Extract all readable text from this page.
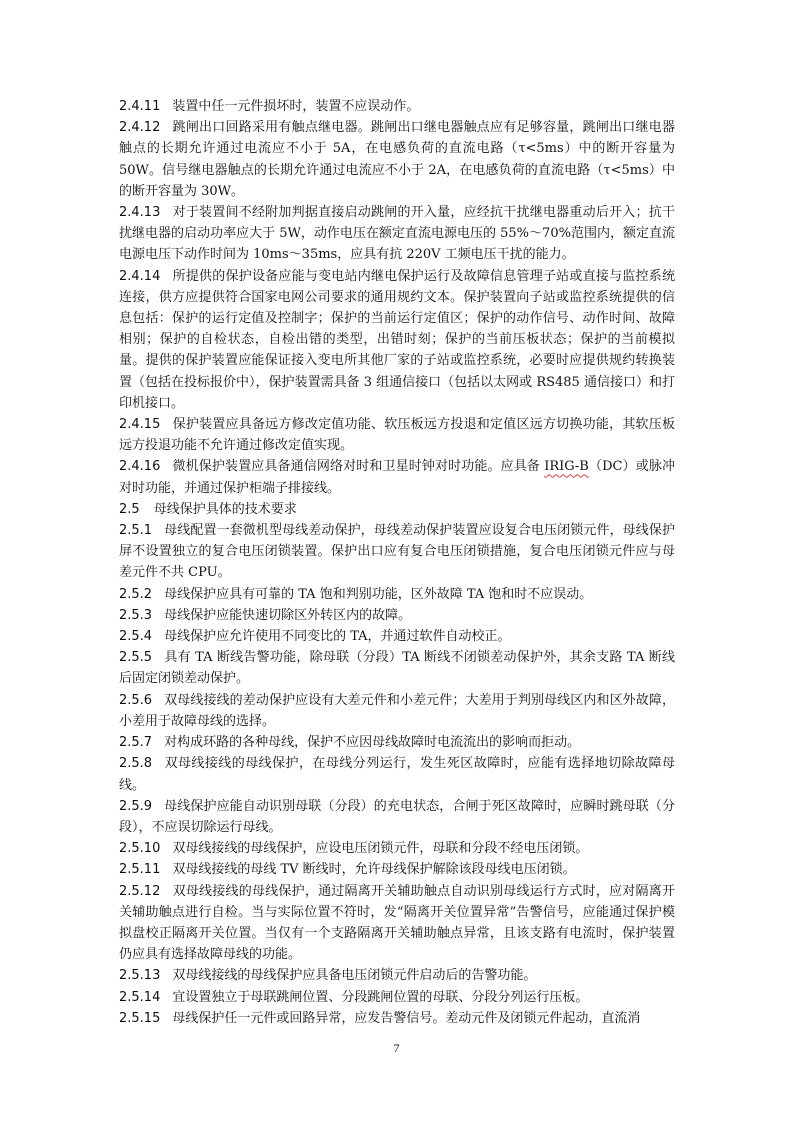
2.4.11 装置中任一元件损坏时，装置不应误动作。

2.4.12 跳闸出口回路采用有触点继电器。跳闸出口继电器触点应有足够容量，跳闸出口继电器触点的长期允许通过电流应不小于 5A，在电感负荷的直流电路（τ<5ms）中的断开容量为 50W。信号继电器触点的长期允许通过电流应不小于 2A，在电感负荷的直流电路（τ<5ms）中的断开容量为 30W。

2.4.13 对于装置间不经附加判据直接启动跳闸的开入量，应经抗干扰继电器重动后开入；抗干扰继电器的启动功率应大于 5W，动作电压在额定直流电源电压的 55%～70%范围内，额定直流电源电压下动作时间为 10ms～35ms，应具有抗 220V 工频电压干扰的能力。

2.4.14 所提供的保护设备应能与变电站内继电保护运行及故障信息管理子站或直接与监控系统连接，供方应提供符合国家电网公司要求的通用规约文本。保护装置向子站或监控系统提供的信息包括：保护的运行定值及控制字；保护的当前运行定值区；保护的动作信号、动作时间、故障相别；保护的自检状态，自检出错的类型，出错时刻；保护的当前压板状态；保护的当前模拟量。提供的保护装置应能保证接入变电所其他厂家的子站或监控系统，必要时应提供规约转换装置（包括在投标报价中），保护装置需具备 3 组通信接口（包括以太网或 RS485 通信接口）和打印机接口。

2.4.15 保护装置应具备远方修改定值功能、软压板远方投退和定值区远方切换功能，其软压板远方投退功能不允许通过修改定值实现。

2.4.16 微机保护装置应具备通信网络对时和卫星时钟对时功能。应具备 IRIG-B（DC）或脉冲对时功能，并通过保护柜端子排接线。

2.5 母线保护具体的技术要求

2.5.1 母线配置一套微机型母线差动保护，母线差动保护装置应设复合电压闭锁元件，母线保护屏不设置独立的复合电压闭锁装置。保护出口应有复合电压闭锁措施，复合电压闭锁元件应与母差元件不共 CPU。

2.5.2 母线保护应具有可靠的 TA 饱和判别功能，区外故障 TA 饱和时不应误动。

2.5.3 母线保护应能快速切除区外转区内的故障。

2.5.4 母线保护应允许使用不同变比的 TA，并通过软件自动校正。

2.5.5 具有 TA 断线告警功能，除母联（分段）TA 断线不闭锁差动保护外，其余支路 TA 断线后固定闭锁差动保护。

2.5.6 双母线接线的差动保护应设有大差元件和小差元件；大差用于判别母线区内和区外故障，小差用于故障母线的选择。

2.5.7 对构成环路的各种母线，保护不应因母线故障时电流流出的影响而拒动。

2.5.8 双母线接线的母线保护，在母线分列运行，发生死区故障时，应能有选择地切除故障母线。

2.5.9 母线保护应能自动识别母联（分段）的充电状态，合闸于死区故障时，应瞬时跳母联（分段），不应误切除运行母线。

2.5.10 双母线接线的母线保护，应设电压闭锁元件，母联和分段不经电压闭锁。

2.5.11 双母线接线的母线 TV 断线时，允许母线保护解除该段母线电压闭锁。

2.5.12 双母线接线的母线保护，通过隔离开关辅助触点自动识别母线运行方式时，应对隔离开关辅助触点进行自检。当与实际位置不符时，发“隔离开关位置异常”告警信号，应能通过保护模拟盘校正隔离开关位置。当仅有一个支路隔离开关辅助触点异常，且该支路有电流时，保护装置仍应具有选择故障母线的功能。

2.5.13 双母线接线的母线保护应具备电压闭锁元件启动后的告警功能。

2.5.14 宜设置独立于母联跳闸位置、分段跳闸位置的母联、分段分列运行压板。

2.5.15 母线保护任一元件或回路异常，应发告警信号。差动元件及闭锁元件起动，直流消

7
